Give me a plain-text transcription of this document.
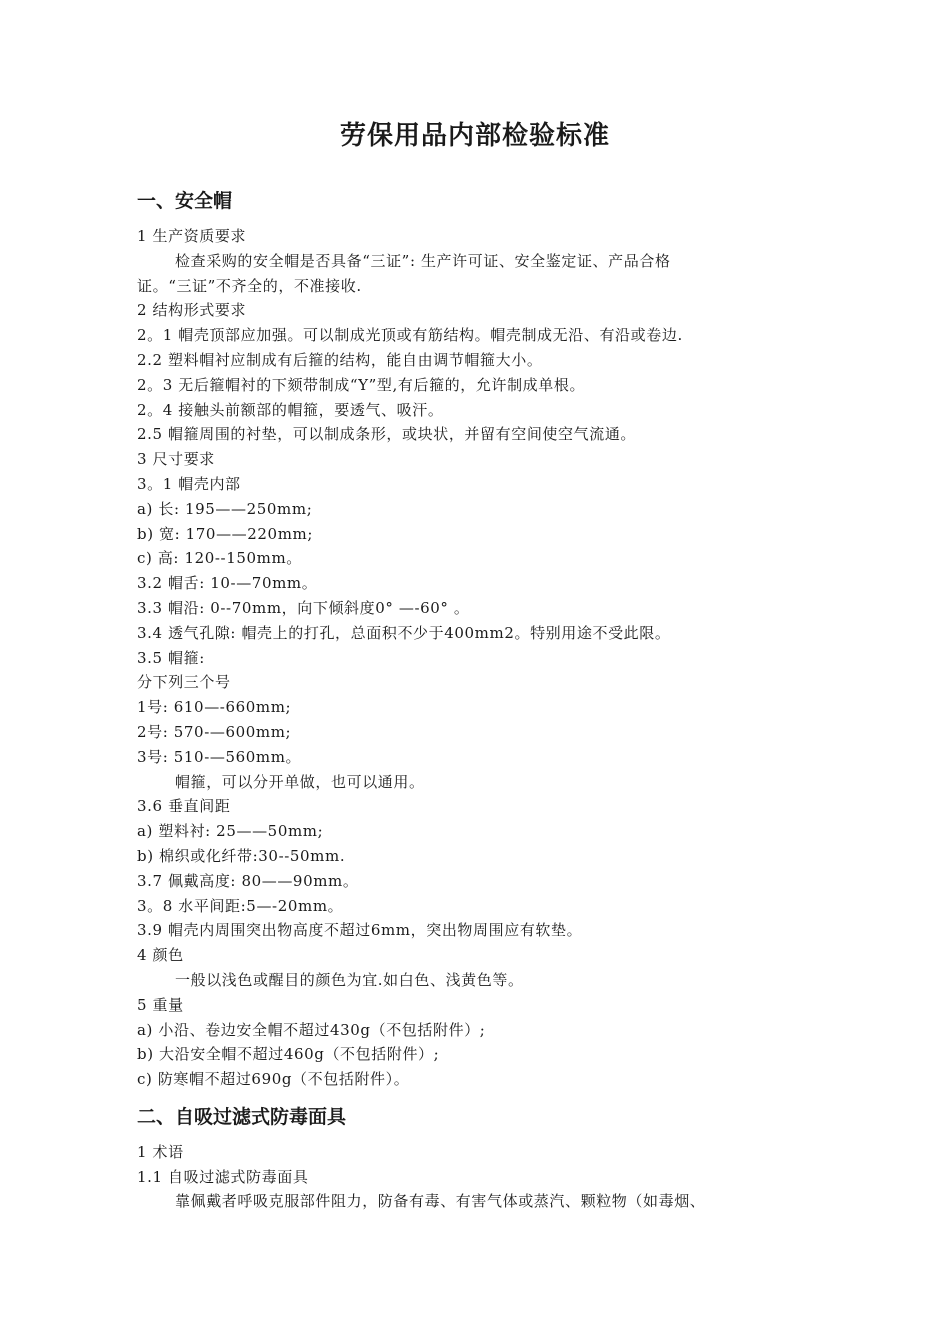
劳保用品内部检验标准
一、安全帽
1 生产资质要求
检查采购的安全帽是否具备“三证”: 生产许可证、安全鉴定证、产品合格
证。“三证”不齐全的，不准接收.
2 结构形式要求
2。1 帽壳顶部应加强。可以制成光顶或有筋结构。帽壳制成无沿、有沿或卷边.
2.2 塑料帽衬应制成有后箍的结构，能自由调节帽箍大小。
2。3 无后箍帽衬的下颏带制成“Y”型,有后箍的，允许制成单根。
2。4 接触头前额部的帽箍，要透气、吸汗。
2.5 帽箍周围的衬垫，可以制成条形，或块状，并留有空间使空气流通。
3 尺寸要求
3。1 帽壳内部
a) 长: 195——250mm;
b) 宽: 170——220mm;
c) 高: 120--150mm。
3.2 帽舌: 10-—70mm。
3.3 帽沿: 0--70mm，向下倾斜度0° —-60° 。
3.4 透气孔隙: 帽壳上的打孔，总面积不少于400mm2。特别用途不受此限。
3.5 帽箍:
分下列三个号
1号: 610—-660mm;
2号: 570-—600mm;
3号: 510-—560mm。
帽箍，可以分开单做，也可以通用。
3.6 垂直间距
a) 塑料衬: 25——50mm;
b) 棉织或化纤带:30--50mm.
3.7 佩戴高度: 80——90mm。
3。8 水平间距:5—-20mm。
3.9 帽壳内周围突出物高度不超过6mm，突出物周围应有软垫。
4 颜色
一般以浅色或醒目的颜色为宜.如白色、浅黄色等。
5 重量
a) 小沿、卷边安全帽不超过430g（不包括附件）;
b) 大沿安全帽不超过460g（不包括附件）;
c) 防寒帽不超过690g（不包括附件）。
二、自吸过滤式防毒面具
1 术语
1.1 自吸过滤式防毒面具
靠佩戴者呼吸克服部件阻力，防备有毒、有害气体或蒸汽、颗粒物（如毒烟、
